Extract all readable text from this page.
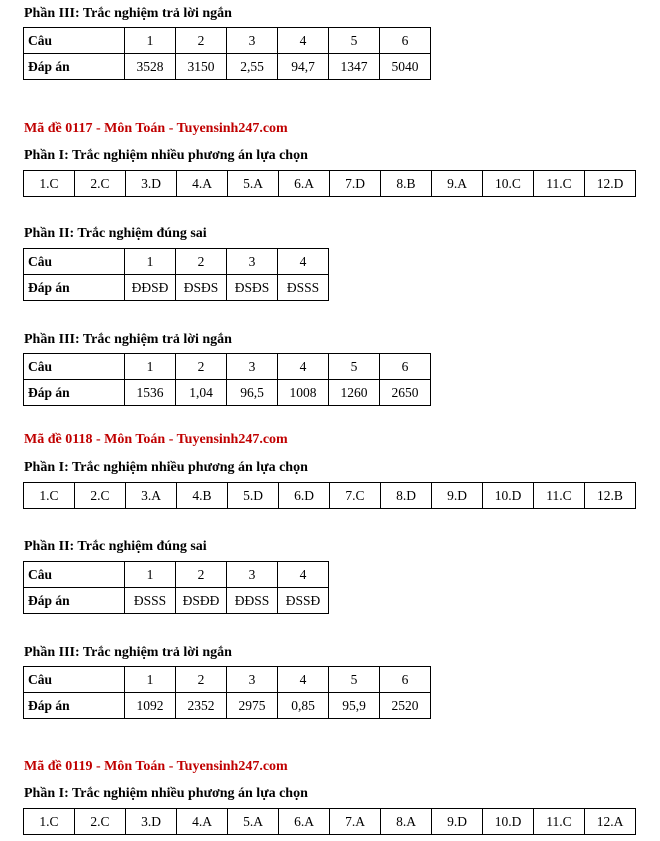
Phần III: Trắc nghiệm trả lời ngắn
Câu	1	2	3	4	5	6
Đáp án	3528	3150	2,55	94,7	1347	5040
Mã đề 0117 - Môn Toán - Tuyensinh247.com
Phần I: Trắc nghiệm nhiều phương án lựa chọn
1.C	2.C	3.D	4.A	5.A	6.A	7.D	8.B	9.A	10.C	11.C	12.D
Phần II: Trắc nghiệm đúng sai
Câu	1	2	3	4
Đáp án	ĐĐSĐ	ĐSĐS	ĐSĐS	ĐSSS
Phần III: Trắc nghiệm trả lời ngắn
Câu	1	2	3	4	5	6
Đáp án	1536	1,04	96,5	1008	1260	2650
Mã đề 0118 - Môn Toán - Tuyensinh247.com
Phần I: Trắc nghiệm nhiều phương án lựa chọn
1.C	2.C	3.A	4.B	5.D	6.D	7.C	8.D	9.D	10.D	11.C	12.B
Phần II: Trắc nghiệm đúng sai
Câu	1	2	3	4
Đáp án	ĐSSS	ĐSĐĐ	ĐĐSS	ĐSSĐ
Phần III: Trắc nghiệm trả lời ngắn
Câu	1	2	3	4	5	6
Đáp án	1092	2352	2975	0,85	95,9	2520
Mã đề 0119 - Môn Toán - Tuyensinh247.com
Phần I: Trắc nghiệm nhiều phương án lựa chọn
1.C	2.C	3.D	4.A	5.A	6.A	7.A	8.A	9.D	10.D	11.C	12.A
